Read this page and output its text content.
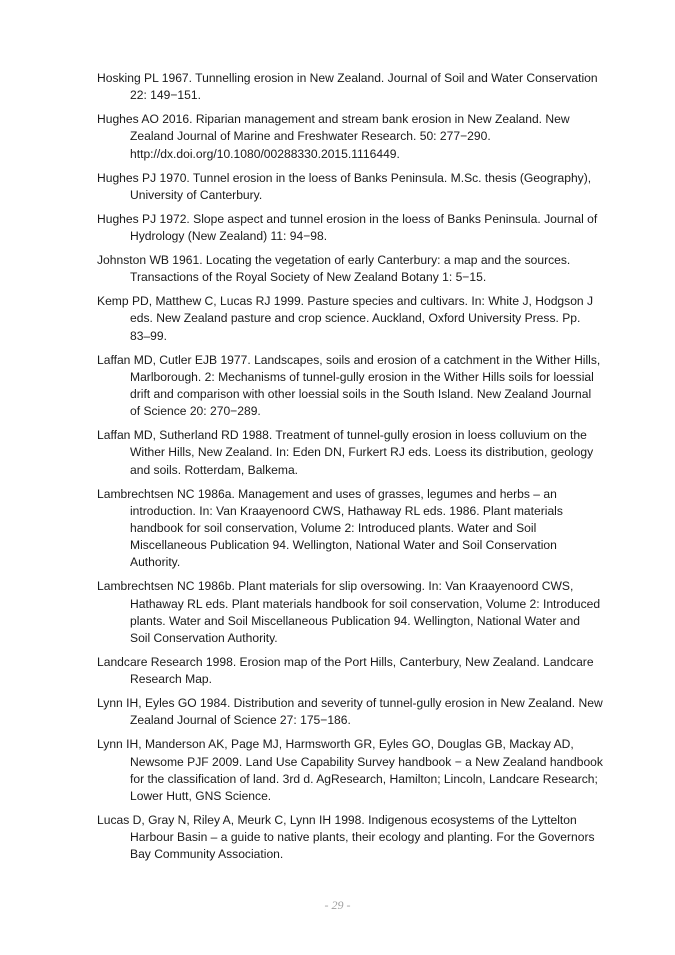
Hosking PL 1967. Tunnelling erosion in New Zealand. Journal of Soil and Water Conservation 22: 149−151.

Hughes AO 2016. Riparian management and stream bank erosion in New Zealand. New Zealand Journal of Marine and Freshwater Research. 50: 277−290. http://dx.doi.org/10.1080/00288330.2015.1116449.

Hughes PJ 1970. Tunnel erosion in the loess of Banks Peninsula. M.Sc. thesis (Geography), University of Canterbury.

Hughes PJ 1972. Slope aspect and tunnel erosion in the loess of Banks Peninsula. Journal of Hydrology (New Zealand) 11: 94−98.

Johnston WB 1961. Locating the vegetation of early Canterbury: a map and the sources. Transactions of the Royal Society of New Zealand Botany 1: 5−15.

Kemp PD, Matthew C, Lucas RJ 1999. Pasture species and cultivars. In: White J, Hodgson J eds. New Zealand pasture and crop science. Auckland, Oxford University Press. Pp. 83–99.

Laffan MD, Cutler EJB 1977. Landscapes, soils and erosion of a catchment in the Wither Hills, Marlborough. 2: Mechanisms of tunnel-gully erosion in the Wither Hills soils for loessial drift and comparison with other loessial soils in the South Island. New Zealand Journal of Science 20: 270−289.

Laffan MD, Sutherland RD 1988. Treatment of tunnel-gully erosion in loess colluvium on the Wither Hills, New Zealand. In: Eden DN, Furkert RJ eds. Loess its distribution, geology and soils. Rotterdam, Balkema.

Lambrechtsen NC 1986a. Management and uses of grasses, legumes and herbs – an introduction. In: Van Kraayenoord CWS, Hathaway RL eds. 1986. Plant materials handbook for soil conservation, Volume 2: Introduced plants. Water and Soil Miscellaneous Publication 94. Wellington, National Water and Soil Conservation Authority.

Lambrechtsen NC 1986b. Plant materials for slip oversowing. In: Van Kraayenoord CWS, Hathaway RL eds. Plant materials handbook for soil conservation, Volume 2: Introduced plants. Water and Soil Miscellaneous Publication 94. Wellington, National Water and Soil Conservation Authority.

Landcare Research 1998. Erosion map of the Port Hills, Canterbury, New Zealand. Landcare Research Map.

Lynn IH, Eyles GO 1984. Distribution and severity of tunnel-gully erosion in New Zealand. New Zealand Journal of Science 27: 175−186.

Lynn IH, Manderson AK, Page MJ, Harmsworth GR, Eyles GO, Douglas GB, Mackay AD, Newsome PJF 2009. Land Use Capability Survey handbook − a New Zealand handbook for the classification of land. 3rd d. AgResearch, Hamilton; Lincoln, Landcare Research; Lower Hutt, GNS Science.

Lucas D, Gray N, Riley A, Meurk C, Lynn IH 1998. Indigenous ecosystems of the Lyttelton Harbour Basin – a guide to native plants, their ecology and planting. For the Governors Bay Community Association.

- 29 -
